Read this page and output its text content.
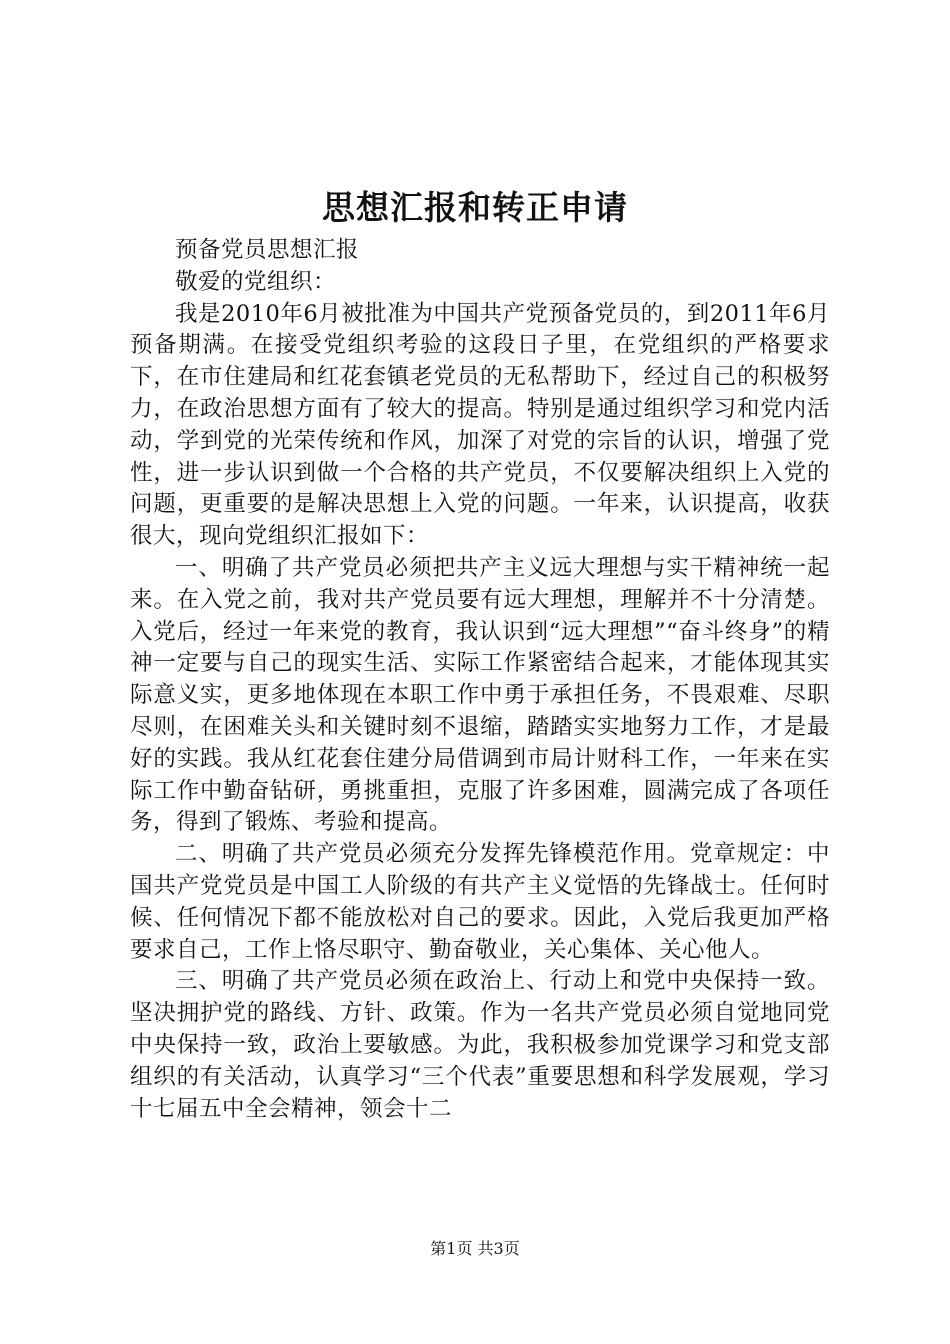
思想汇报和转正申请

预备党员思想汇报

敬爱的党组织：

我是2010年6月被批准为中国共产党预备党员的，到2011年6月预备期满。在接受党组织考验的这段日子里，在党组织的严格要求下，在市住建局和红花套镇老党员的无私帮助下，经过自己的积极努力，在政治思想方面有了较大的提高。特别是通过组织学习和党内活动，学到党的光荣传统和作风，加深了对党的宗旨的认识，增强了党性，进一步认识到做一个合格的共产党员，不仅要解决组织上入党的问题，更重要的是解决思想上入党的问题。一年来，认识提高，收获很大，现向党组织汇报如下：

一、明确了共产党员必须把共产主义远大理想与实干精神统一起来。在入党之前，我对共产党员要有远大理想，理解并不十分清楚。入党后，经过一年来党的教育，我认识到“远大理想”“奋斗终身”的精神一定要与自己的现实生活、实际工作紧密结合起来，才能体现其实际意义实，更多地体现在本职工作中勇于承担任务，不畏艰难、尽职尽则，在困难关头和关键时刻不退缩，踏踏实实地努力工作，才是最好的实践。我从红花套住建分局借调到市局计财科工作，一年来在实际工作中勤奋钻研，勇挑重担，克服了许多困难，圆满完成了各项任务，得到了锻炼、考验和提高。

二、明确了共产党员必须充分发挥先锋模范作用。党章规定：中国共产党党员是中国工人阶级的有共产主义觉悟的先锋战士。任何时候、任何情况下都不能放松对自己的要求。因此，入党后我更加严格要求自己，工作上恪尽职守、勤奋敬业，关心集体、关心他人。

三、明确了共产党员必须在政治上、行动上和党中央保持一致。坚决拥护党的路线、方针、政策。作为一名共产党员必须自觉地同党中央保持一致，政治上要敏感。为此，我积极参加党课学习和党支部组织的有关活动，认真学习“三个代表”重要思想和科学发展观，学习十七届五中全会精神，领会十二

第1页 共3页
